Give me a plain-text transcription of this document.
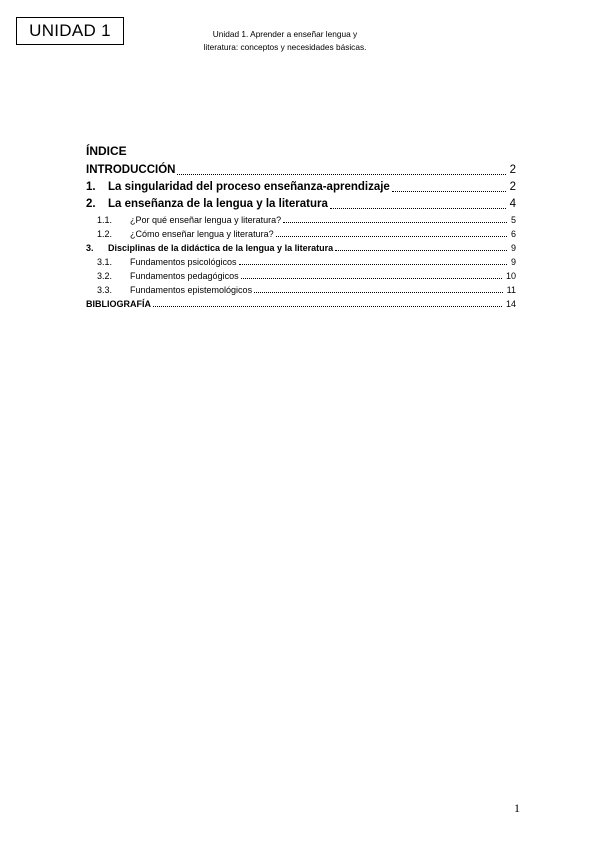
UNIDAD 1	Unidad 1. Aprender a enseñar lengua y
literatura: conceptos y necesidades básicas.
ÍNDICE
INTRODUCCIÓN	2
1.	La singularidad del proceso enseñanza-aprendizaje	2
2.	La enseñanza de la lengua y la literatura	4
1.1.	¿Por qué enseñar lengua y literatura?	5
1.2.	¿Cómo enseñar lengua y literatura?	6
3.	Disciplinas de la didáctica de la lengua y la literatura	9
3.1.	Fundamentos psicológicos	9
3.2.	Fundamentos pedagógicos	10
3.3.	Fundamentos epistemológicos	11
BIBLIOGRAFÍA	14
1
